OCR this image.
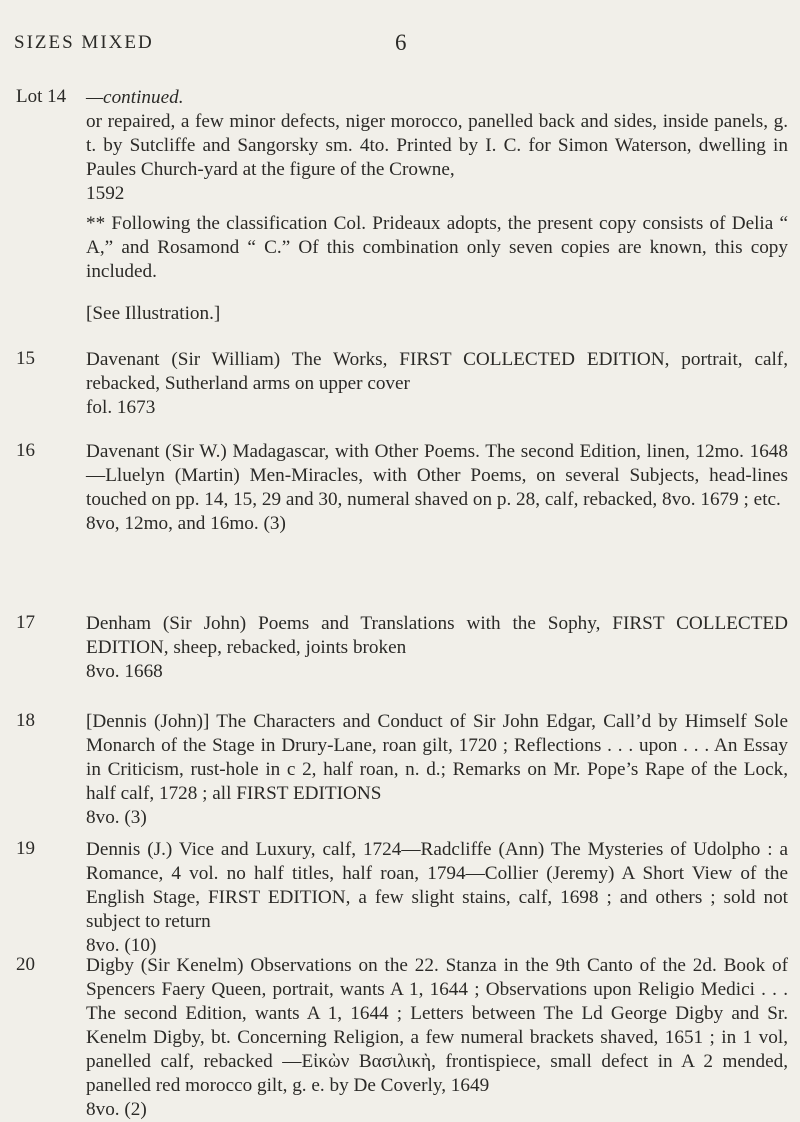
SIZES MIXED	6
Lot 14	—continued.

or repaired, a few minor defects, niger morocco, panelled back and sides, inside panels, g. t. by Sutcliffe and Sangorsky sm. 4to. Printed by I. C. for Simon Waterson, dwelling in Paules Church-yard at the figure of the Crowne,

1592

** Following the classification Col. Prideaux adopts, the present copy consists of Delia “ A,” and Rosamond “ C.” Of this combination only seven copies are known, this copy included.

[See Illustration.]

15	Davenant (Sir William) The Works, FIRST COLLECTED EDITION, portrait, calf, rebacked, Sutherland arms on upper cover

fol. 1673

16	Davenant (Sir W.) Madagascar, with Other Poems. The second Edition, linen, 12mo. 1648—Lluelyn (Martin) Men-Miracles, with Other Poems, on several Subjects, head-lines touched on pp. 14, 15, 29 and 30, numeral shaved on p. 28, calf, rebacked, 8vo. 1679 ; etc.

8vo, 12mo, and 16mo. (3)

17	Denham (Sir John) Poems and Translations with the Sophy, FIRST COLLECTED EDITION, sheep, rebacked, joints broken

8vo. 1668

18	[Dennis (John)] The Characters and Conduct of Sir John Edgar, Call’d by Himself Sole Monarch of the Stage in Drury-Lane, roan gilt, 1720 ; Reflections . . . upon . . . An Essay in Criticism, rust-hole in c 2, half roan, n. d.; Remarks on Mr. Pope’s Rape of the Lock, half calf, 1728 ; all FIRST EDITIONS

8vo. (3)

19	Dennis (J.) Vice and Luxury, calf, 1724—Radcliffe (Ann) The Mysteries of Udolpho : a Romance, 4 vol. no half titles, half roan, 1794—Collier (Jeremy) A Short View of the English Stage, FIRST EDITION, a few slight stains, calf, 1698 ; and others ; sold not subject to return

8vo. (10)

20	Digby (Sir Kenelm) Observations on the 22. Stanza in the 9th Canto of the 2d. Book of Spencers Faery Queen, portrait, wants A 1, 1644 ; Observations upon Religio Medici . . . The second Edition, wants A 1, 1644 ; Letters between The Ld George Digby and Sr. Kenelm Digby, bt. Concerning Religion, a few numeral brackets shaved, 1651 ; in 1 vol, panelled calf, rebacked —Εἰκὼν Βασιλικὴ, frontispiece, small defect in A 2 mended, panelled red morocco gilt, g. e. by De Coverly, 1649

8vo. (2)
